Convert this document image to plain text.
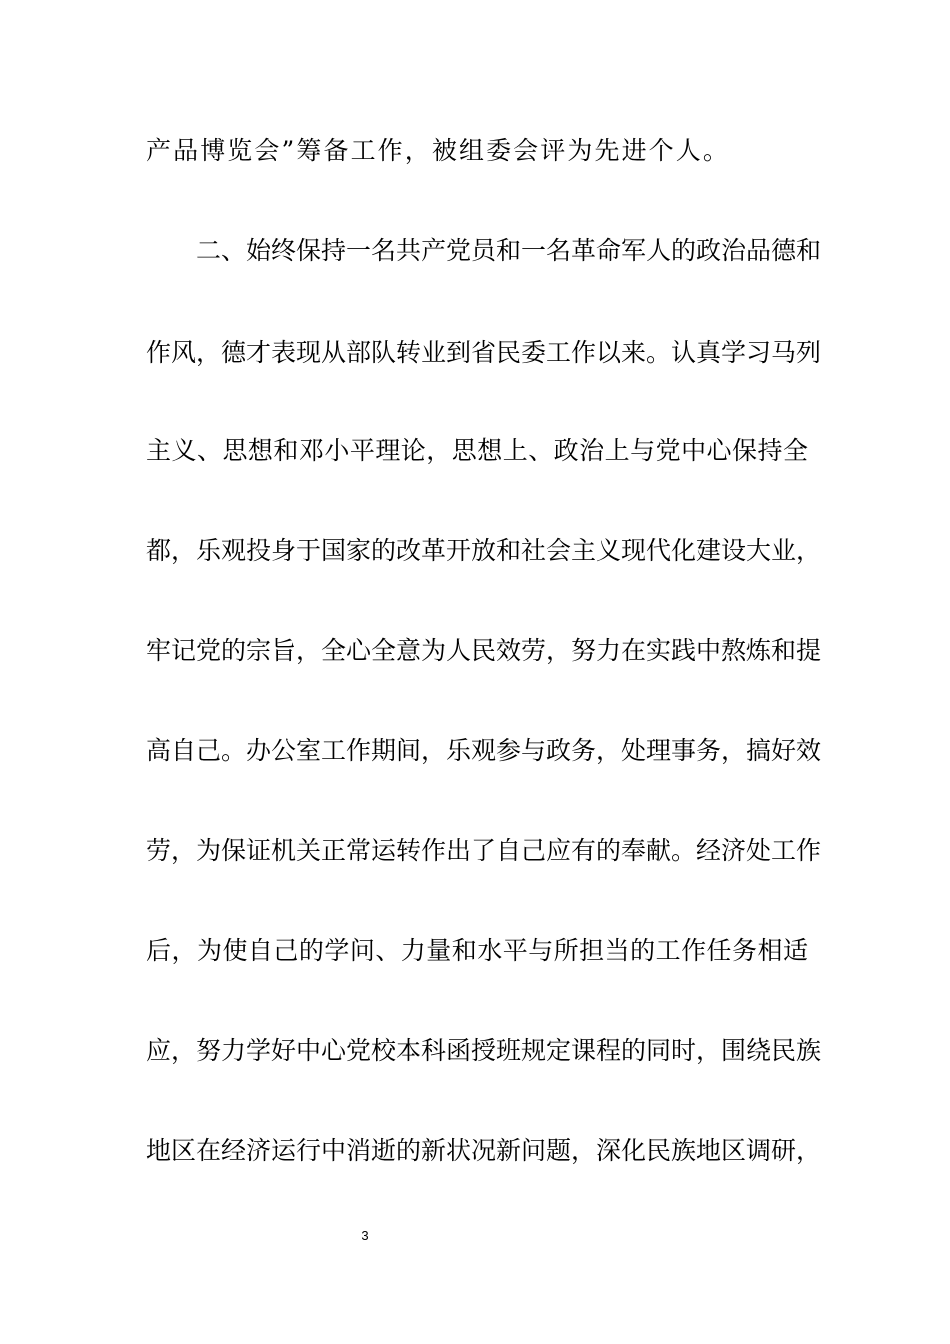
产品博览会”筹备工作，被组委会评为先进个人。
二、始终保持一名共产党员和一名革命军人的政治品德和
作风，德才表现从部队转业到省民委工作以来。认真学习马列
主义、思想和邓小平理论，思想上、政治上与党中心保持全
都，乐观投身于国家的改革开放和社会主义现代化建设大业，
牢记党的宗旨，全心全意为人民效劳，努力在实践中熬炼和提
高自己。办公室工作期间，乐观参与政务，处理事务，搞好效
劳，为保证机关正常运转作出了自己应有的奉献。经济处工作
后，为使自己的学问、力量和水平与所担当的工作任务相适
应，努力学好中心党校本科函授班规定课程的同时，围绕民族
地区在经济运行中消逝的新状况新问题，深化民族地区调研，
3
